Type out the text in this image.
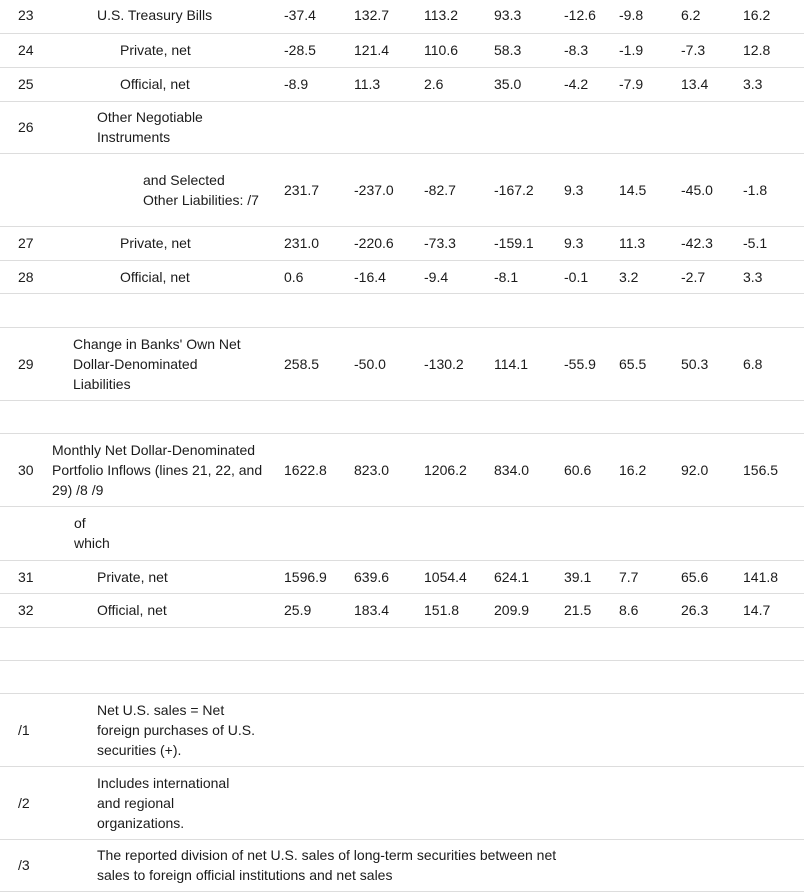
23	U.S. Treasury Bills	-37.4	132.7	113.2	93.3	-12.6	-9.8	6.2	16.2
24	Private, net	-28.5	121.4	110.6	58.3	-8.3	-1.9	-7.3	12.8
25	Official, net	-8.9	11.3	2.6	35.0	-4.2	-7.9	13.4	3.3
26	Other Negotiable Instruments								

	and Selected Other Liabilities: /7	231.7	-237.0	-82.7	-167.2	9.3	14.5	-45.0	-1.8
27	Private, net	231.0	-220.6	-73.3	-159.1	9.3	11.3	-42.3	-5.1
28	Official, net	0.6	-16.4	-9.4	-8.1	-0.1	3.2	-2.7	3.3

29	Change in Banks' Own Net Dollar-Denominated Liabilities	258.5	-50.0	-130.2	114.1	-55.9	65.5	50.3	6.8

30	Monthly Net Dollar-Denominated Portfolio Inflows (lines 21, 22, and 29) /8 /9	1622.8	823.0	1206.2	834.0	60.6	16.2	92.0	156.5

	of which								

31	Private, net	1596.9	639.6	1054.4	624.1	39.1	7.7	65.6	141.8
32	Official, net	25.9	183.4	151.8	209.9	21.5	8.6	26.3	14.7

/1	Net U.S. sales = Net foreign purchases of U.S. securities (+).								

/2	Includes international and regional organizations.								

/3	The reported division of net U.S. sales of long-term securities between net sales to foreign official institutions and net sales								
